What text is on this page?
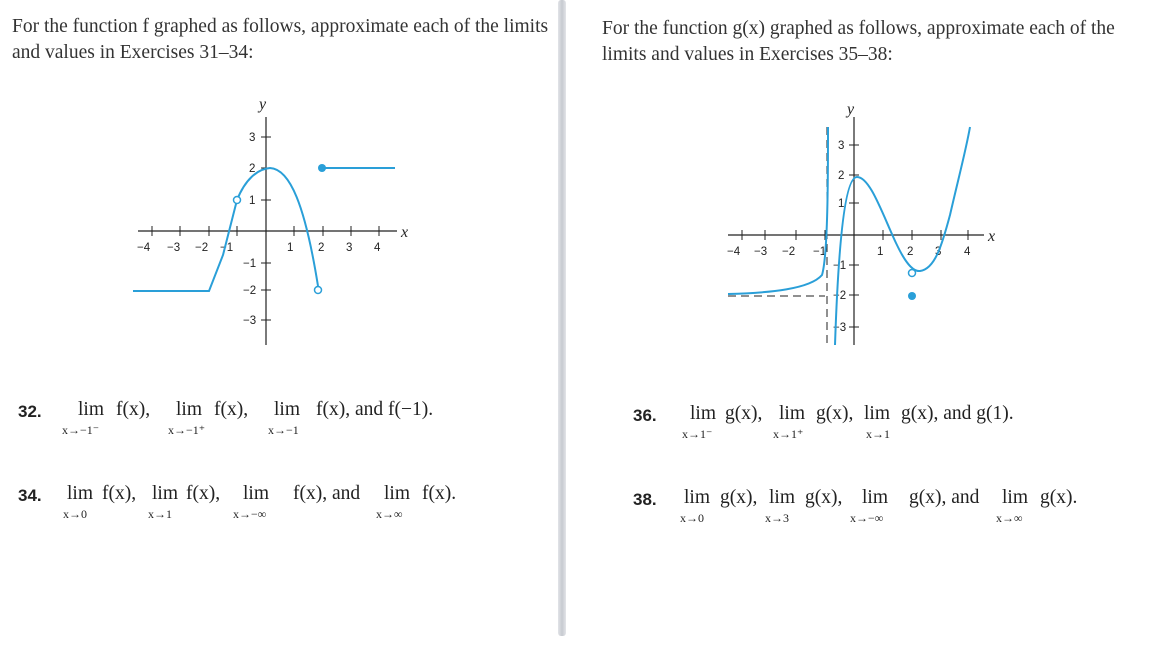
For the function f graphed as follows, approximate each of the limits and values in Exercises 31–34:
−4 −3 −2 −1	1 2 3 4
3
2
1
−1
−2
−3
y
x
32. lim
x→−1⁻
f(x), lim
x→−1⁺
f(x), lim
x→−1
f(x), and f(−1).
34. lim
x→0
f(x), lim
x→1
f(x), lim
x→−∞
f(x), and lim
x→∞
f(x).
For the function g(x) graphed as follows, approximate each of the limits and values in Exercises 35–38:
−4 −3 −2 −1	1 2 3 4
3
2
1
−1
−2
−3
y
x
36. lim
x→1⁻
g(x), lim
x→1⁺
g(x), lim
x→1
g(x), and g(1).
38. lim
x→0
g(x), lim
x→3
g(x), lim
x→−∞
g(x), and lim
x→∞
g(x).
